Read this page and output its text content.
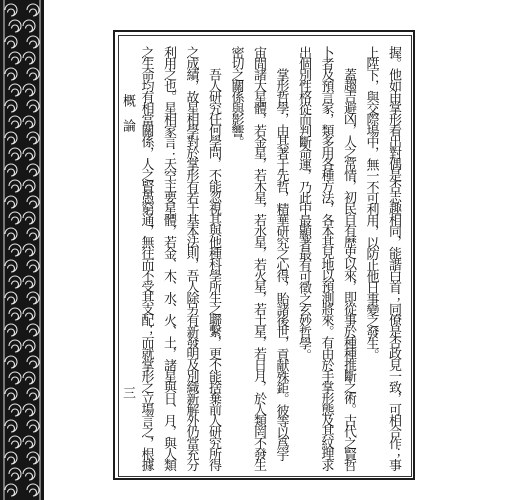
概論
三	握。他如由掌形看出對偶是否志趣相同，能諧白首；同僚是否政見一致，可相合作；事
上陞下，與交際場中，無一不可利用，以防止他日事變之發生。
蓋趨吉避凶，人之常情，初民自有歷史以來，即從事於種種推斷之術。古代之賢哲
卜者及預言家，類多用各種方法，各本其見地以預測將來。有由於手掌形態及其紋理求
出個別性格從而判斷命運，乃此中最顯著最有可徵之玄妙哲學。
掌形哲學，由其著于先哲，精華研究之心得，貽諸後世，貢献殊鉅。彼等以爲宇
宙間諸大星體，若金星，若木星，若水星，若火星，若土星，若日月，於人類罔不發生
密切之關係與影響。
吾人研究任何學問，不能忽視其與他種科學所生之聯繫，更不能捨棄前人研究所得
之成績，故星相學對於掌形有若干基本法則，吾人除另有新發明及別織新解外仍當充分
利用之也。星相家言：天空主要星體，若金、木、水、火、土，諸星與日、月，與人類
之生命均有相當關係，人之賢愚窮通，無往而不受其支配；而就掌形之立場言之，根據
